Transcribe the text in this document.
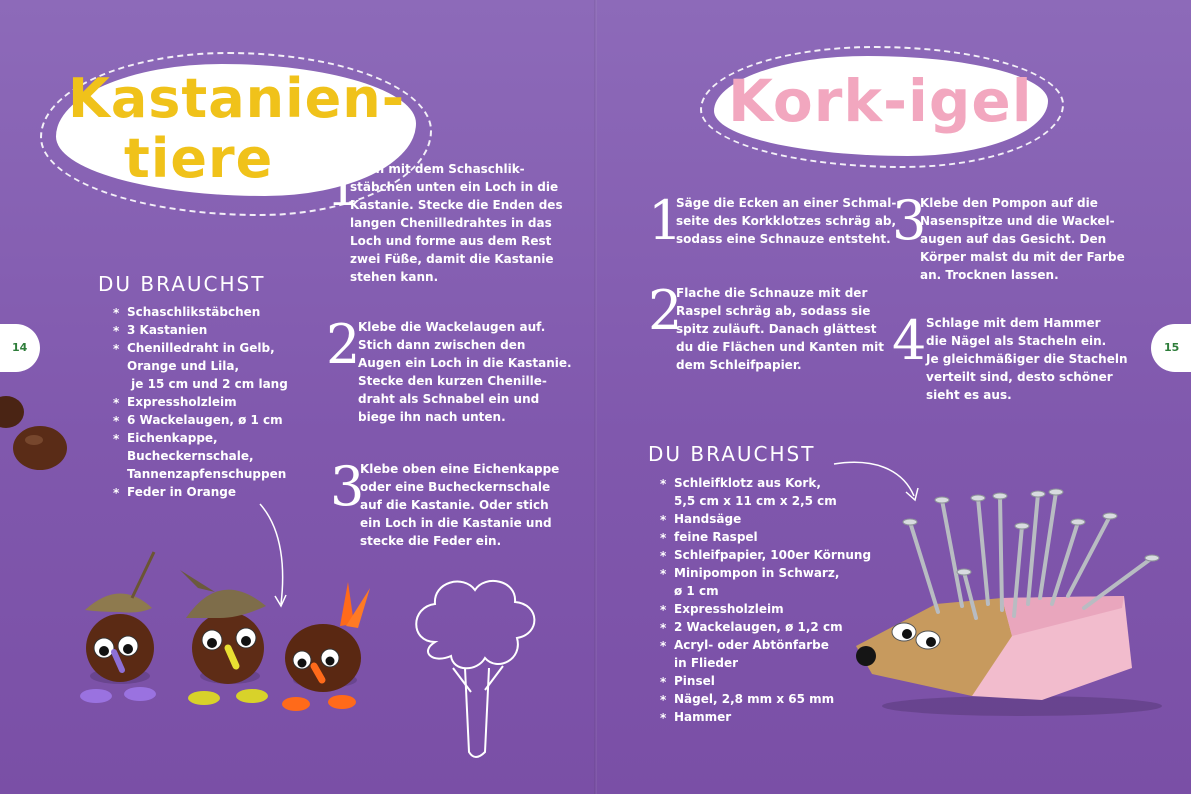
Kastanien-
tiere
DU BRAUCHST
* Schaschlikstäbchen
* 3 Kastanien
* Chenilledraht in Gelb,
Orange und Lila,
je 15 cm und 2 cm lang
* Expressholzleim
* 6 Wackelaugen, ø 1 cm
* Eichenkappe,
Bucheckernschale,
Tannenzapfenschuppen
* Feder in Orange
1
Stich mit dem Schaschlik-
stäbchen unten ein Loch in die
Kastanie. Stecke die Enden des
langen Chenilledrahtes in das
Loch und forme aus dem Rest
zwei Füße, damit die Kastanie
stehen kann.
2
Klebe die Wackelaugen auf.
Stich dann zwischen den
Augen ein Loch in die Kastanie.
Stecke den kurzen Chenille-
draht als Schnabel ein und
biege ihn nach unten.
3
Klebe oben eine Eichenkappe
oder eine Bucheckernschale
auf die Kastanie. Oder stich
ein Loch in die Kastanie und
stecke die Feder ein.
14
Kork-igel
1
Säge die Ecken an einer Schmal-
seite des Korkklotzes schräg ab,
sodass eine Schnauze entsteht.
2
Flache die Schnauze mit der
Raspel schräg ab, sodass sie
spitz zuläuft. Danach glättest
du die Flächen und Kanten mit
dem Schleifpapier.
3
Klebe den Pompon auf die
Nasenspitze und die Wackel-
augen auf das Gesicht. Den
Körper malst du mit der Farbe
an. Trocknen lassen.
4 Schlage mit dem Hammer
die Nägel als Stacheln ein.
Je gleichmäßiger die Stacheln
verteilt sind, desto schöner
sieht es aus.
DU BRAUCHST
* Schleifklotz aus Kork,
5,5 cm x 11 cm x 2,5 cm
* Handsäge
* feine Raspel
* Schleifpapier, 100er Körnung
* Minipompon in Schwarz,
ø 1 cm
* Expressholzleim
* 2 Wackelaugen, ø 1,2 cm
* Acryl- oder Abtönfarbe
in Flieder
* Pinsel
* Nägel, 2,8 mm x 65 mm
* Hammer
15
